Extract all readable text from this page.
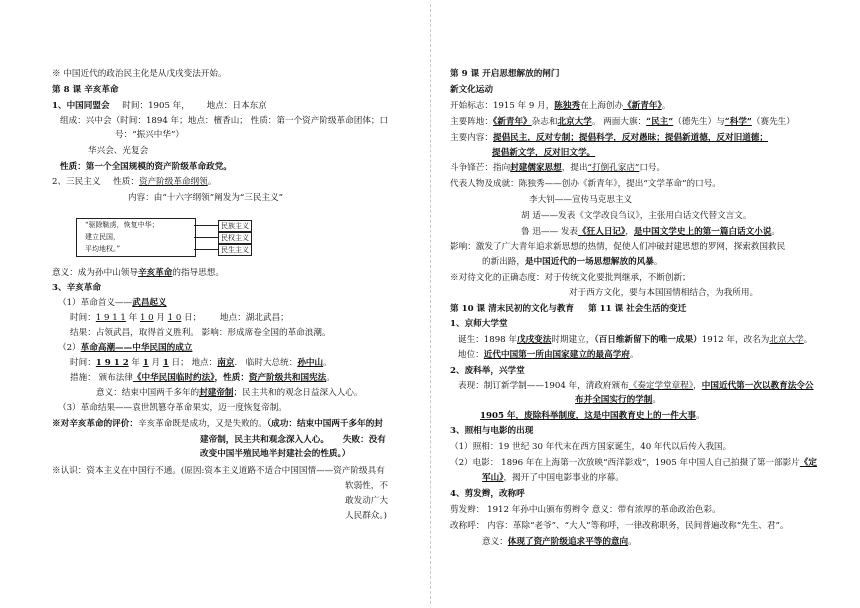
※ 中国近代的政治民主化是从戊戌变法开始。
第 8 课 辛亥革命
1、中国同盟会 时间：1905 年， 地点：日本东京
组成：兴中会（时间：1894 年；地点：檀香山； 性质：第一个资产阶级革命团体；口
号：“振兴中华”）
华兴会、光复会
性质：第一个全国规模的资产阶级革命政党。
2、三民主义 性质：资产阶级革命纲领。
内容：由“十六字纲领”阐发为“三民主义”
“驱除鞑虏，恢复中华；
建立民国，
平均地权。”
民族主义
民权主义
民生主义
意义：成为孙中山领导辛亥革命的指导思想。
3、辛亥革命
（1）革命首义——武昌起义
时间：1 9 1 1 年 1 0 月 1 0 日； 地点：湖北武昌；
结果：占领武昌，取得首义胜利。 影响：形成席卷全国的革命浪潮。
（2）革命高潮——中华民国的成立
时间：1 9 1 2 年 1 月 1 日； 地点：南京． 临时大总统：孙中山。
措施： 颁布法律《中华民国临时约法》，性质：资产阶级共和国宪法。
意义：结束中国两千多年的封建帝制；民主共和的观念日益深入人心。
（3）革命结果——袁世凯篡夺革命果实，迈一度恢复帝制。
※对辛亥革命的评价：辛亥革命既是成功，又是失败的。（成功：结束中国两千多年的封
建帝制，民主共和观念深入人心。 失败：没有
改变中国半殖民地半封建社会的性质。）
※认识：资本主义在中国行不通。(原因:资本主义道路不适合中国国情——资产阶级具有
软弱性，不
敢发动广大
人民群众。)
第 9 课 开启思想解放的闸门
新文化运动
开始标志：1915 年 9 月，陈独秀在上海创办《新青年》。
主要阵地：《新青年》杂志和北京大学。 两面大旗：“民主”（德先生）与“科学”（赛先生）
主要内容：提倡民主，反对专制；提倡科学，反对愚昧；提倡新道德，反对旧道德；
提倡新文学，反对旧文学。
斗争锋芒：指向封建儒家思想，提出“打倒孔家店”口号。
代表人物及成就：陈独秀——创办《新青年》，提出“文学革命”的口号。
李大钊——宣传马克思主义
胡 适——发表《文学改良刍议》，主张用白话文代替文言文。
鲁 迅—— 发表《狂人日记》，是中国文学史上的第一篇白话文小说。
影响：激发了广大青年追求新思想的热情，促使人们冲破封建思想的罗网，探索救国救民
的新出路，是中国近代的一场思想解放的风暴。
※对待文化的正确态度：对于传统文化要批判继承，不断创新；
对于西方文化，要与本国国情相结合，为我所用。
第 10 课 清末民初的文化与教育 第 11 课 社会生活的变迁
1、京师大学堂
诞生：1898 年戊戌变法时期建立，（百日维新留下的唯一成果）1912 年，改名为北京大学。
地位：近代中国第一所由国家建立的最高学府。
2、废科举，兴学堂
表现：制订新学制——1904 年，清政府颁布《奏定学堂章程》，中国近代第一次以教育法令公
布并全国实行的学制。
1905 年，废除科举制度，这是中国教育史上的一件大事。
3、照相与电影的出现
（1）照相：19 世纪 30 年代末在西方国家诞生，40 年代以后传入我国。
（2）电影： 1896 年在上海第一次放映“西洋影戏”，1905 年中国人自己拍摄了第一部影片《定
军山》，揭开了中国电影事业的序幕。
4、剪发辫，改称呼
剪发辫： 1912 年孙中山颁布剪辫令 意义：带有浓厚的革命政治色彩。
改称呼： 内容：革除“老爷”、“大人”等称呼，一律改称职务，民间普遍改称“先生、君”。
意义：体现了资产阶级追求平等的意向。
